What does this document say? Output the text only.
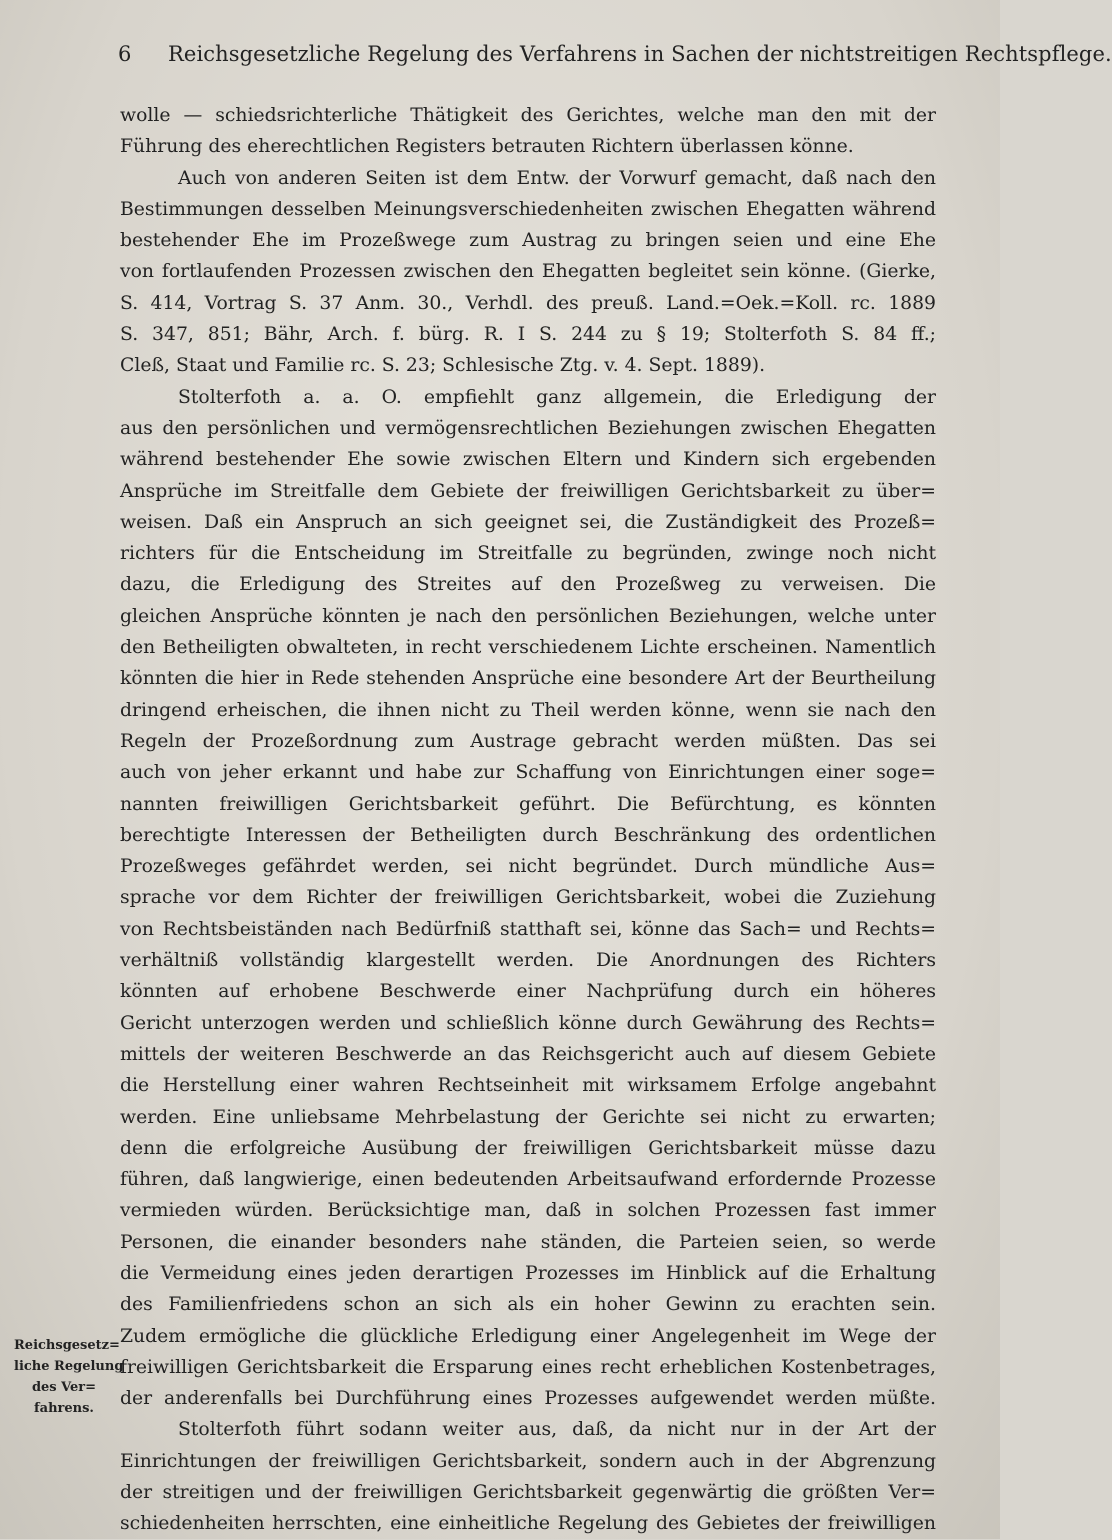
6 Reichsgesetzliche Regelung des Verfahrens in Sachen der nichtstreitigen Rechtspflege.
wolle — schiedsrichterliche Thätigkeit des Gerichtes, welche man den mit der
Führung des eherechtlichen Registers betrauten Richtern überlassen könne.
Auch von anderen Seiten ist dem Entw. der Vorwurf gemacht, daß nach den
Bestimmungen desselben Meinungsverschiedenheiten zwischen Ehegatten während
bestehender Ehe im Prozeßwege zum Austrag zu bringen seien und eine Ehe
von fortlaufenden Prozessen zwischen den Ehegatten begleitet sein könne. (Gierke,
S. 414, Vortrag S. 37 Anm. 30., Verhdl. des preuß. Land.=Oek.=Koll. rc. 1889
S. 347, 851; Bähr, Arch. f. bürg. R. I S. 244 zu § 19; Stolterfoth S. 84 ff.;
Cleß, Staat und Familie rc. S. 23; Schlesische Ztg. v. 4. Sept. 1889).
Stolterfoth a. a. O. empfiehlt ganz allgemein, die Erledigung der
aus den persönlichen und vermögensrechtlichen Beziehungen zwischen Ehegatten
während bestehender Ehe sowie zwischen Eltern und Kindern sich ergebenden
Ansprüche im Streitfalle dem Gebiete der freiwilligen Gerichtsbarkeit zu über=
weisen. Daß ein Anspruch an sich geeignet sei, die Zuständigkeit des Prozeß=
richters für die Entscheidung im Streitfalle zu begründen, zwinge noch nicht
dazu, die Erledigung des Streites auf den Prozeßweg zu verweisen. Die
gleichen Ansprüche könnten je nach den persönlichen Beziehungen, welche unter
den Betheiligten obwalteten, in recht verschiedenem Lichte erscheinen. Namentlich
könnten die hier in Rede stehenden Ansprüche eine besondere Art der Beurtheilung
dringend erheischen, die ihnen nicht zu Theil werden könne, wenn sie nach den
Regeln der Prozeßordnung zum Austrage gebracht werden müßten. Das sei
auch von jeher erkannt und habe zur Schaffung von Einrichtungen einer soge=
nannten freiwilligen Gerichtsbarkeit geführt. Die Befürchtung, es könnten
berechtigte Interessen der Betheiligten durch Beschränkung des ordentlichen
Prozeßweges gefährdet werden, sei nicht begründet. Durch mündliche Aus=
sprache vor dem Richter der freiwilligen Gerichtsbarkeit, wobei die Zuziehung
von Rechtsbeiständen nach Bedürfniß statthaft sei, könne das Sach= und Rechts=
verhältniß vollständig klargestellt werden. Die Anordnungen des Richters
könnten auf erhobene Beschwerde einer Nachprüfung durch ein höheres
Gericht unterzogen werden und schließlich könne durch Gewährung des Rechts=
mittels der weiteren Beschwerde an das Reichsgericht auch auf diesem Gebiete
die Herstellung einer wahren Rechtseinheit mit wirksamem Erfolge angebahnt
werden. Eine unliebsame Mehrbelastung der Gerichte sei nicht zu erwarten;
denn die erfolgreiche Ausübung der freiwilligen Gerichtsbarkeit müsse dazu
führen, daß langwierige, einen bedeutenden Arbeitsaufwand erfordernde Prozesse
vermieden würden. Berücksichtige man, daß in solchen Prozessen fast immer
Personen, die einander besonders nahe ständen, die Parteien seien, so werde
die Vermeidung eines jeden derartigen Prozesses im Hinblick auf die Erhaltung
des Familienfriedens schon an sich als ein hoher Gewinn zu erachten sein.
Zudem ermögliche die glückliche Erledigung einer Angelegenheit im Wege der
freiwilligen Gerichtsbarkeit die Ersparung eines recht erheblichen Kostenbetrages,
der anderenfalls bei Durchführung eines Prozesses aufgewendet werden müßte.
Stolterfoth führt sodann weiter aus, daß, da nicht nur in der Art der
Einrichtungen der freiwilligen Gerichtsbarkeit, sondern auch in der Abgrenzung
der streitigen und der freiwilligen Gerichtsbarkeit gegenwärtig die größten Ver=
schiedenheiten herrschten, eine einheitliche Regelung des Gebietes der freiwilligen
Reichsgesetz=
liche Regelung
des Ver=
fahrens.
